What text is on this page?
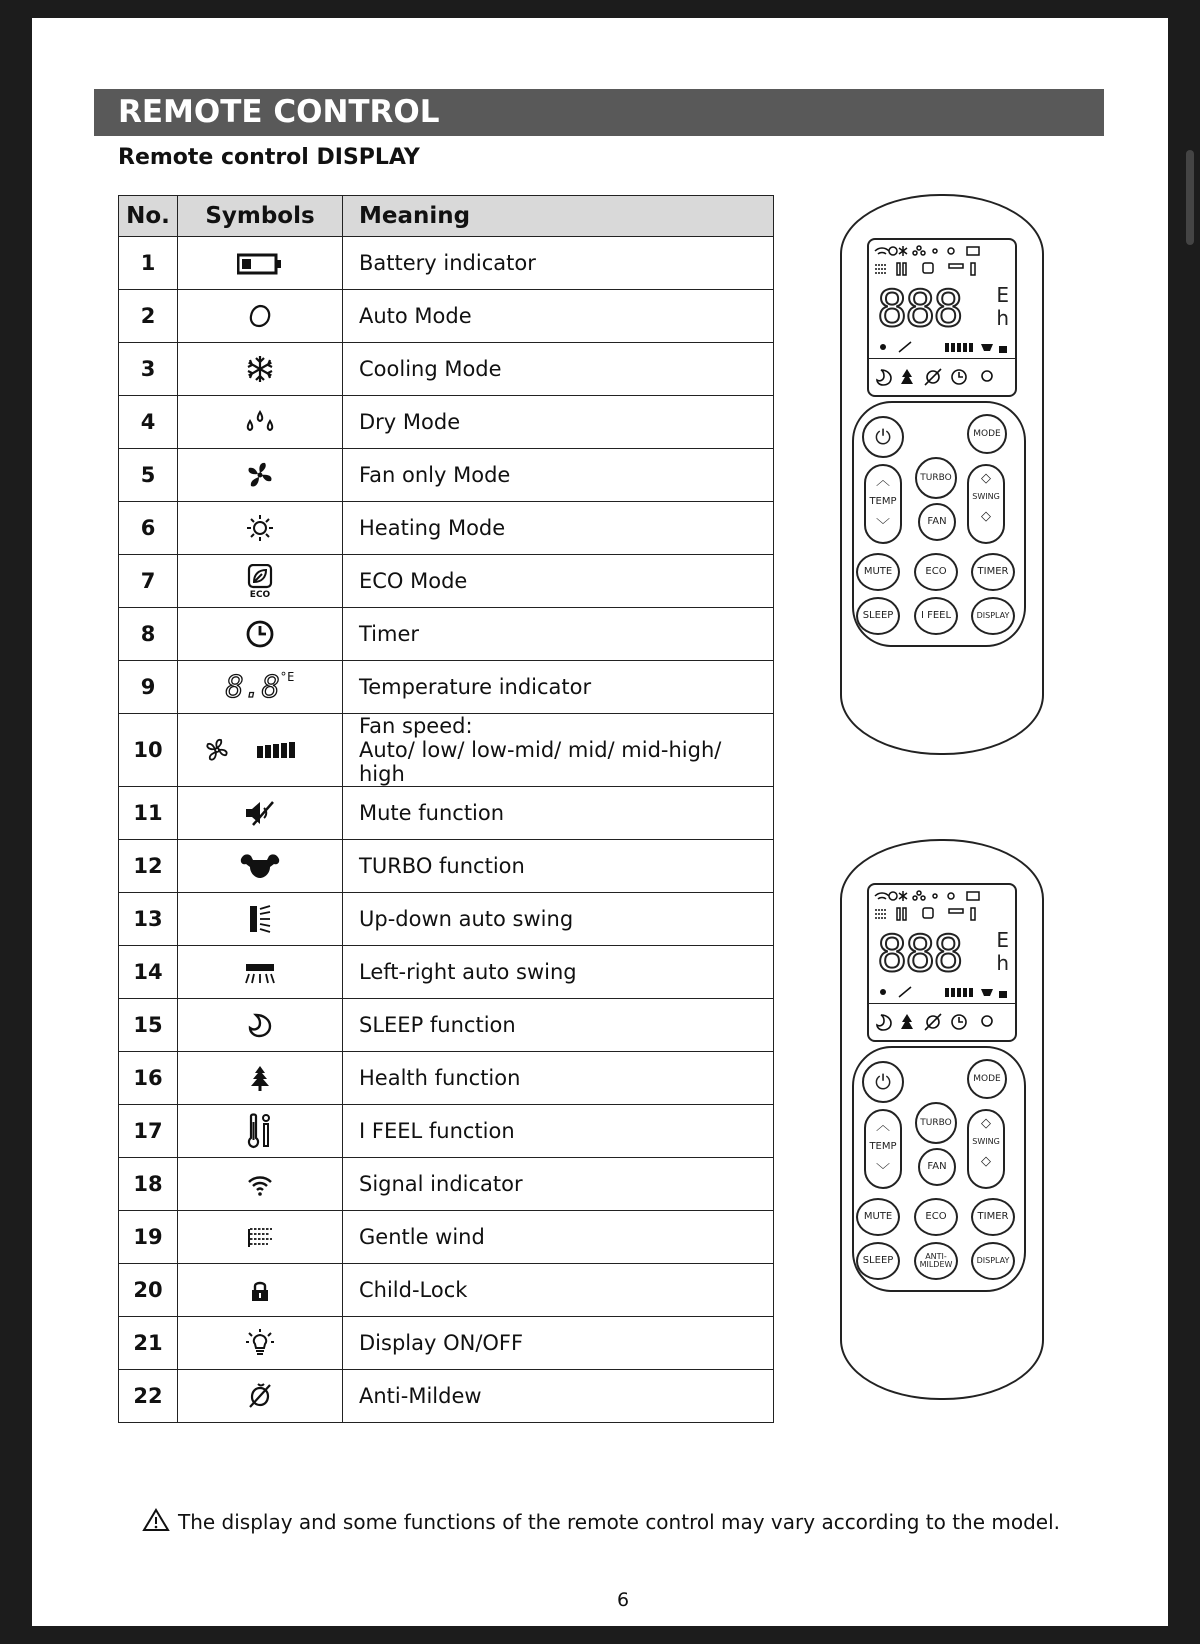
REMOTE CONTROL
Remote control DISPLAY
No.	Symbols	Meaning
1		Battery indicator
2		Auto Mode
3		Cooling Mode
4		Dry Mode
5		Fan only Mode
6		Heating Mode
7	ECO	ECO Mode
8		Timer
9	$8.8^{^\circ E}$	Temperature indicator
10		Fan speed:
Auto/ low/ low-mid/ mid/ mid-high/ high

11		Mute function
12		TURBO function
13		Up-down auto swing
14		Left-right auto swing
15		SLEEP function
16		Health function
17		I FEEL function
18		Signal indicator
19		Gentle wind
20		Child-Lock
21		Display ON/OFF
22		Anti-Mildew
888 E
h
⏻	MODE
︿
TEMP
﹀
TURBO
FAN
◇
SWING
◇
MUTE	ECO	TIMER
SLEEP	I FEEL	DISPLAY
888 E
h
⏻	MODE
︿
TEMP
﹀
TURBO
FAN
◇
SWING
◇
MUTE	ECO	TIMER
SLEEP	ANTI-
MILDEW	DISPLAY
The display and some functions of the remote control may vary according to the model.
6
